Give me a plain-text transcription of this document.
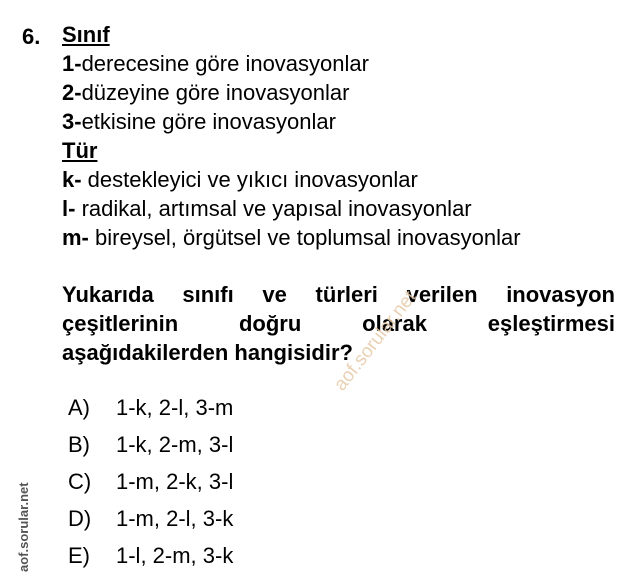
6. Sınıf
1-derecesine göre inovasyonlar
2-düzeyine göre inovasyonlar
3-etkisine göre inovasyonlar
Tür
k- destekleyici ve yıkıcı inovasyonlar
l- radikal, artımsal ve yapısal inovasyonlar
m- bireysel, örgütsel ve toplumsal inovasyonlar
Yukarıda sınıfı ve türleri verilen inovasyon
çeşitlerinin doğru olarak eşleştirmesi
aşağıdakilerden hangisidir?
aof.sorular.net
A) 1-k, 2-l, 3-m
B) 1-k, 2-m, 3-l
C) 1-m, 2-k, 3-l
D) 1-m, 2-l, 3-k
E) 1-l, 2-m, 3-k
aof.sorular.net
